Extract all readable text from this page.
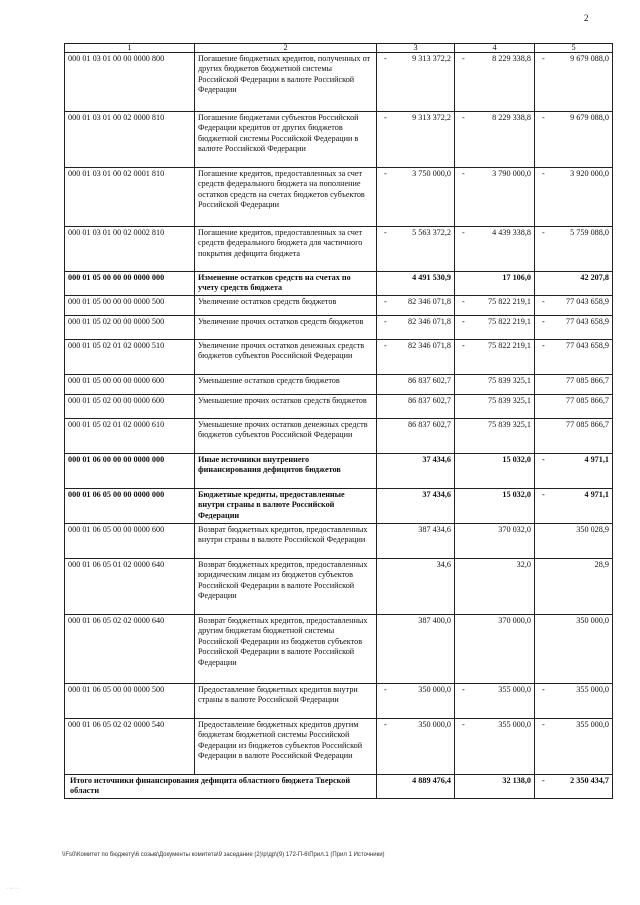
2
1	2	3	4	5
000 01 03 01 00 00 0000 800	Погашение бюджетных кредитов, полученных от других бюджетов бюджетной системы Российской Федерации в валюте Российской Федерации	- 9 313 372,2	- 8 229 338,8	- 9 679 088,0
000 01 03 01 00 02 0000 810	Погашение бюджетами субъектов Российской Федерации кредитов от других бюджетов бюджетной системы Российской Федерации в валюте Российской Федерации	- 9 313 372,2	- 8 229 338,8	- 9 679 088,0
000 01 03 01 00 02 0001 810	Погашение кредитов, предоставленных за счет средств федерального бюджета на пополнение остатков средств на счетах бюджетов субъектов Российской Федерации	- 3 750 000,0	- 3 790 000,0	- 3 920 000,0
000 01 03 01 00 02 0002 810	Погашение кредитов, предоставленных за счет средств федерального бюджета для частичного покрытия дефицита бюджета	- 5 563 372,2	- 4 439 338,8	- 5 759 088,0
000 01 05 00 00 00 0000 000	Изменение остатков средств на счетах по учету средств бюджета	4 491 530,9	17 106,0	42 207,8
000 01 05 00 00 00 0000 500	Увеличение остатков средств бюджетов	- 82 346 071,8	- 75 822 219,1	- 77 043 658,9
000 01 05 02 00 00 0000 500	Увеличение прочих остатков средств бюджетов	- 82 346 071,8	- 75 822 219,1	- 77 043 658,9
000 01 05 02 01 02 0000 510	Увеличение прочих остатков денежных средств бюджетов субъектов Российской Федерации	- 82 346 071,8	- 75 822 219,1	- 77 043 658,9
000 01 05 00 00 00 0000 600	Уменьшение остатков средств бюджетов	86 837 602,7	75 839 325,1	77 085 866,7
000 01 05 02 00 00 0000 600	Уменьшение прочих остатков средств бюджетов	86 837 602,7	75 839 325,1	77 085 866,7
000 01 05 02 01 02 0000 610	Уменьшение прочих остатков денежных средств бюджетов субъектов Российской Федерации	86 837 602,7	75 839 325,1	77 085 866,7
000 01 06 00 00 00 0000 000	Иные источники внутреннего финансирования дефицитов бюджетов	37 434,6	15 032,0	- 4 971,1
000 01 06 05 00 00 0000 000	Бюджетные кредиты, предоставленные внутри страны в валюте Российской Федерации	37 434,6	15 032,0	- 4 971,1
000 01 06 05 00 00 0000 600	Возврат бюджетных кредитов, предоставленных внутри страны в валюте Российской Федерации	387 434,6	370 032,0	350 028,9
000 01 06 05 01 02 0000 640	Возврат бюджетных кредитов, предоставленных юридическим лицам из бюджетов субъектов Российской Федерации в валюте Российской Федерации	34,6	32,0	28,9
000 01 06 05 02 02 0000 640	Возврат бюджетных кредитов, предоставленных другим бюджетам бюджетной системы Российской Федерации из бюджетов субъектов Российской Федерации в валюте Российской Федерации	387 400,0	370 000,0	350 000,0
000 01 06 05 00 00 0000 500	Предоставление бюджетных кредитов внутри страны в валюте Российской Федерации	- 350 000,0	- 355 000,0	- 355 000,0
000 01 06 05 02 02 0000 540	Предоставление бюджетных кредитов другим бюджетам бюджетной системы Российской Федерации из бюджетов субъектов Российской Федерации в валюте Российской Федерации	- 350 000,0	- 355 000,0	- 355 000,0
Итого источники финансирования дефицита областного бюджета Тверской области		4 889 476,4	32 138,0	- 2 350 434,7
\\Fs0\Комитет по бюджету\6 созыв\Документы комитета\9 заседание (2)\р\др\(9) 172-П-6\Прил.1 (Прил 1 Источники)
· ·· ··
